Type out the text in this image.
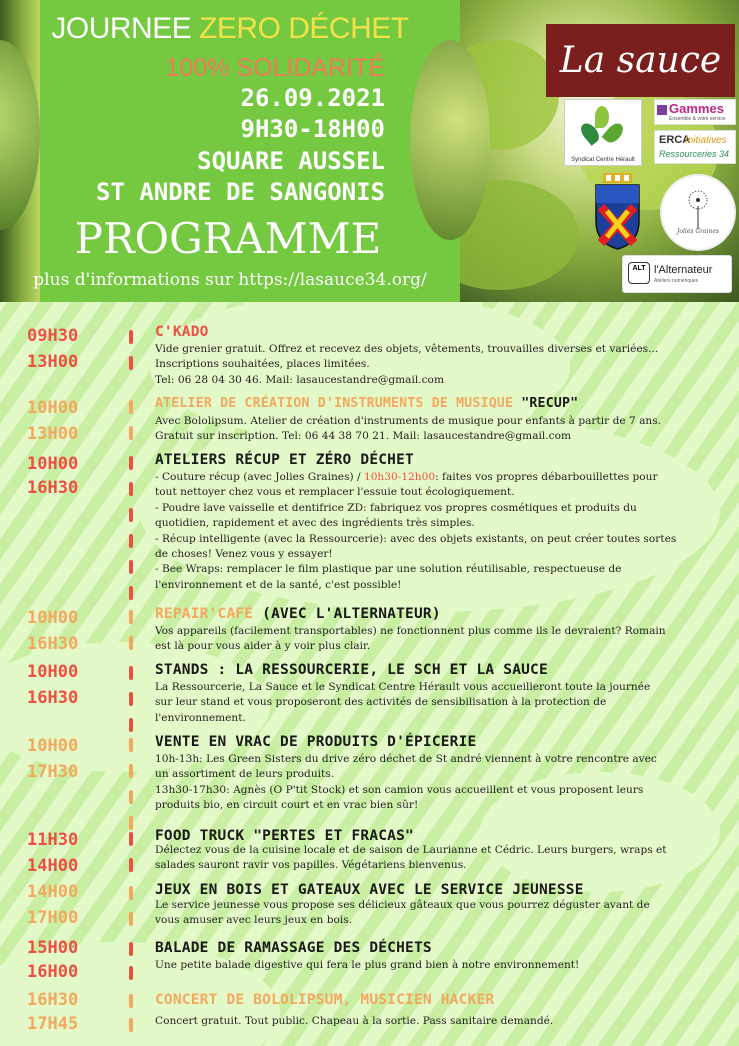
JOURNEE ZERO DÉCHET
100% SOLIDARITÉ
26.09.2021
9H30-18H00
SQUARE AUSSEL
ST ANDRE DE SANGONIS
PROGRAMME
plus d'informations sur https://lasauce34.org/
La sauce
Syndicat Centre Hérault
Gammes
Ensemble & votre service
ERCA
Initiatives
Ressourceries 34
Jolies Graines
ALT l'Alternateur
Ateliers numériques
09H30
13H00
C'KADO

Vide grenier gratuit. Offrez et recevez des objets, vêtements, trouvailles diverses et variées...

Inscriptions souhaitées, places limitées.

Tel: 06 28 04 30 46. Mail: lasaucestandre@gmail.com

10H00
13H00
ATELIER DE CRÉATION D'INSTRUMENTS DE MUSIQUE "RECUP"

Avec Bololipsum. Atelier de création d'instruments de musique pour enfants à partir de 7 ans.

Gratuit sur inscription. Tel: 06 44 38 70 21. Mail: lasaucestandre@gmail.com

10H00
16H30
ATELIERS RÉCUP ET ZÉRO DÉCHET

- Couture récup (avec Jolies Graines) / 10h30-12h00: faites vos propres débarbouillettes pour

tout nettoyer chez vous et remplacer l'essuie tout écologiquement.

- Poudre lave vaisselle et dentifrice ZD: fabriquez vos propres cosmétiques et produits du

quotidien, rapidement et avec des ingrédients très simples.

- Récup intelligente (avec la Ressourcerie): avec des objets existants, on peut créer toutes sortes

de choses! Venez vous y essayer!

- Bee Wraps: remplacer le film plastique par une solution réutilisable, respectueuse de

l'environnement et de la santé, c'est possible!

10H00
16H30
REPAIR'CAFÉ (AVEC L'ALTERNATEUR)

Vos appareils (facilement transportables) ne fonctionnent plus comme ils le devraient? Romain

est là pour vous aider à y voir plus clair.

10H00
16H30
STANDS : LA RESSOURCERIE, LE SCH ET LA SAUCE

La Ressourcerie, La Sauce et le Syndicat Centre Hérault vous accueilleront toute la journée

sur leur stand et vous proposeront des activités de sensibilisation à la protection de

l'environnement.

10H00
17H30
VENTE EN VRAC DE PRODUITS D'ÉPICERIE

10h-13h: Les Green Sisters du drive zéro déchet de St andré viennent à votre rencontre avec

un assortiment de leurs produits.

13h30-17h30: Agnès (O P'tit Stock) et son camion vous accueillent et vous proposent leurs

produits bio, en circuit court et en vrac bien sûr!

11H30
14H00
FOOD TRUCK "PERTES ET FRACAS"

Délectez vous de la cuisine locale et de saison de Laurianne et Cédric. Leurs burgers, wraps et

salades sauront ravir vos papilles. Végétariens bienvenus.

14H00
17H00
JEUX EN BOIS ET GATEAUX AVEC LE SERVICE JEUNESSE

Le service jeunesse vous propose ses délicieux gâteaux que vous pourrez déguster avant de

vous amuser avec leurs jeux en bois.

15H00
16H00
BALADE DE RAMASSAGE DES DÉCHETS

Une petite balade digestive qui fera le plus grand bien à notre environnement!

16H30
17H45
CONCERT DE BOLOLIPSUM, MUSICIEN HACKER

Concert gratuit. Tout public. Chapeau à la sortie. Pass sanitaire demandé.
